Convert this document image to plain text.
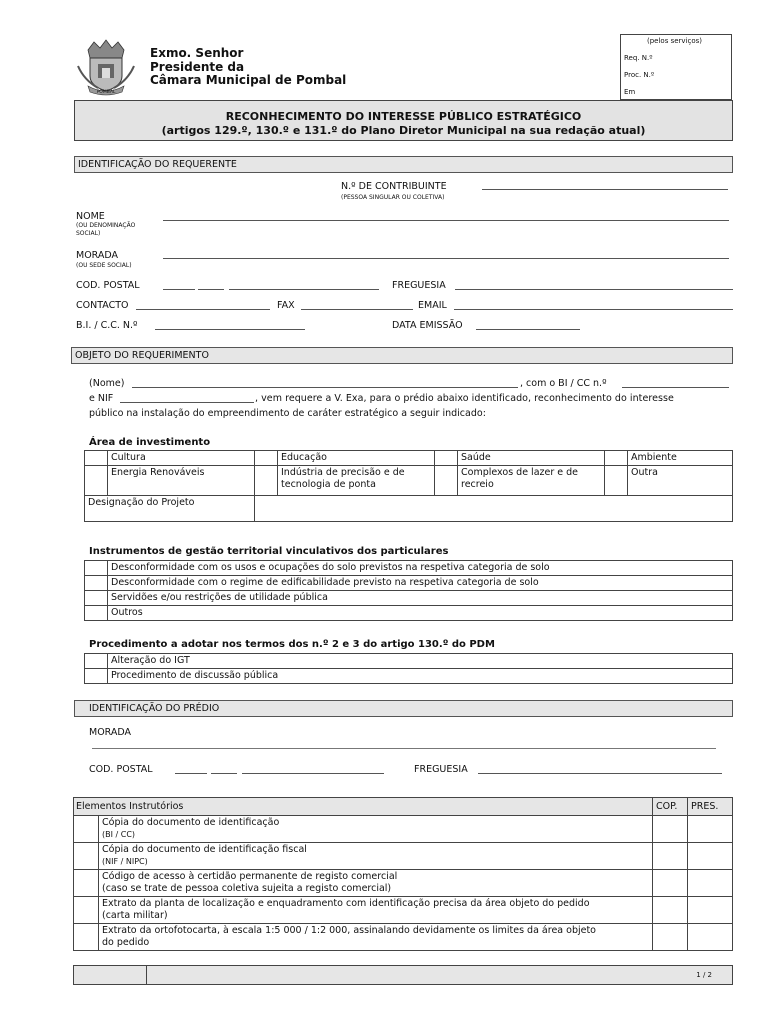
POMBAL
Exmo. Senhor
Presidente da
Câmara Municipal de Pombal
(pelos serviços)
Req. N.º
Proc. N.º
Em
RECONHECIMENTO DO INTERESSE PÚBLICO ESTRATÉGICO
(artigos 129.º, 130.º e 131.º do Plano Diretor Municipal na sua redação atual)
IDENTIFICAÇÃO DO REQUERENTE
N.º DE CONTRIBUINTE
(PESSOA SINGULAR OU COLETIVA)
NOME
(OU DENOMINAÇÃO SOCIAL)
MORADA
(OU SEDE SOCIAL)
COD. POSTAL	FREGUESIA
CONTACTO	FAX	EMAIL
B.I. / C.C. N.º	DATA EMISSÃO
OBJETO DO REQUERIMENTO
(Nome)	, com o BI / CC n.º
e NIF	, vem requere a V. Exa, para o prédio abaixo identificado, reconhecimento do interesse
público na instalação do empreendimento de caráter estratégico a seguir indicado:
Área de investimento
	Cultura		Educação		Saúde		Ambiente
	Energia Renováveis		Indústria de precisão e de tecnologia de ponta		Complexos de lazer e de recreio		Outra
Designação do Projeto							
Instrumentos de gestão territorial vinculativos dos particulares
	Desconformidade com os usos e ocupações do solo previstos na respetiva categoria de solo
	Desconformidade com o regime de edificabilidade previsto na respetiva categoria de solo
	Servidões e/ou restrições de utilidade pública
	Outros
Procedimento a adotar nos termos dos n.º 2 e 3 do artigo 130.º do PDM
	Alteração do IGT
	Procedimento de discussão pública
IDENTIFICAÇÃO DO PRÉDIO
MORADA
COD. POSTAL	FREGUESIA
Elementos Instrutórios		COP.	PRES.

	Cópia do documento de identificação
(BI / CC)		

	Cópia do documento de identificação fiscal
(NIF / NIPC)		

	Código de acesso à certidão permanente de registo comercial
(caso se trate de pessoa coletiva sujeita a registo comercial)		

	Extrato da planta de localização e enquadramento com identificação precisa da área objeto do pedido
(carta militar)		

	Extrato da ortofotocarta, à escala 1:5 000 / 1:2 000, assinalando devidamente os limites da área objeto
do pedido		

1 / 2
